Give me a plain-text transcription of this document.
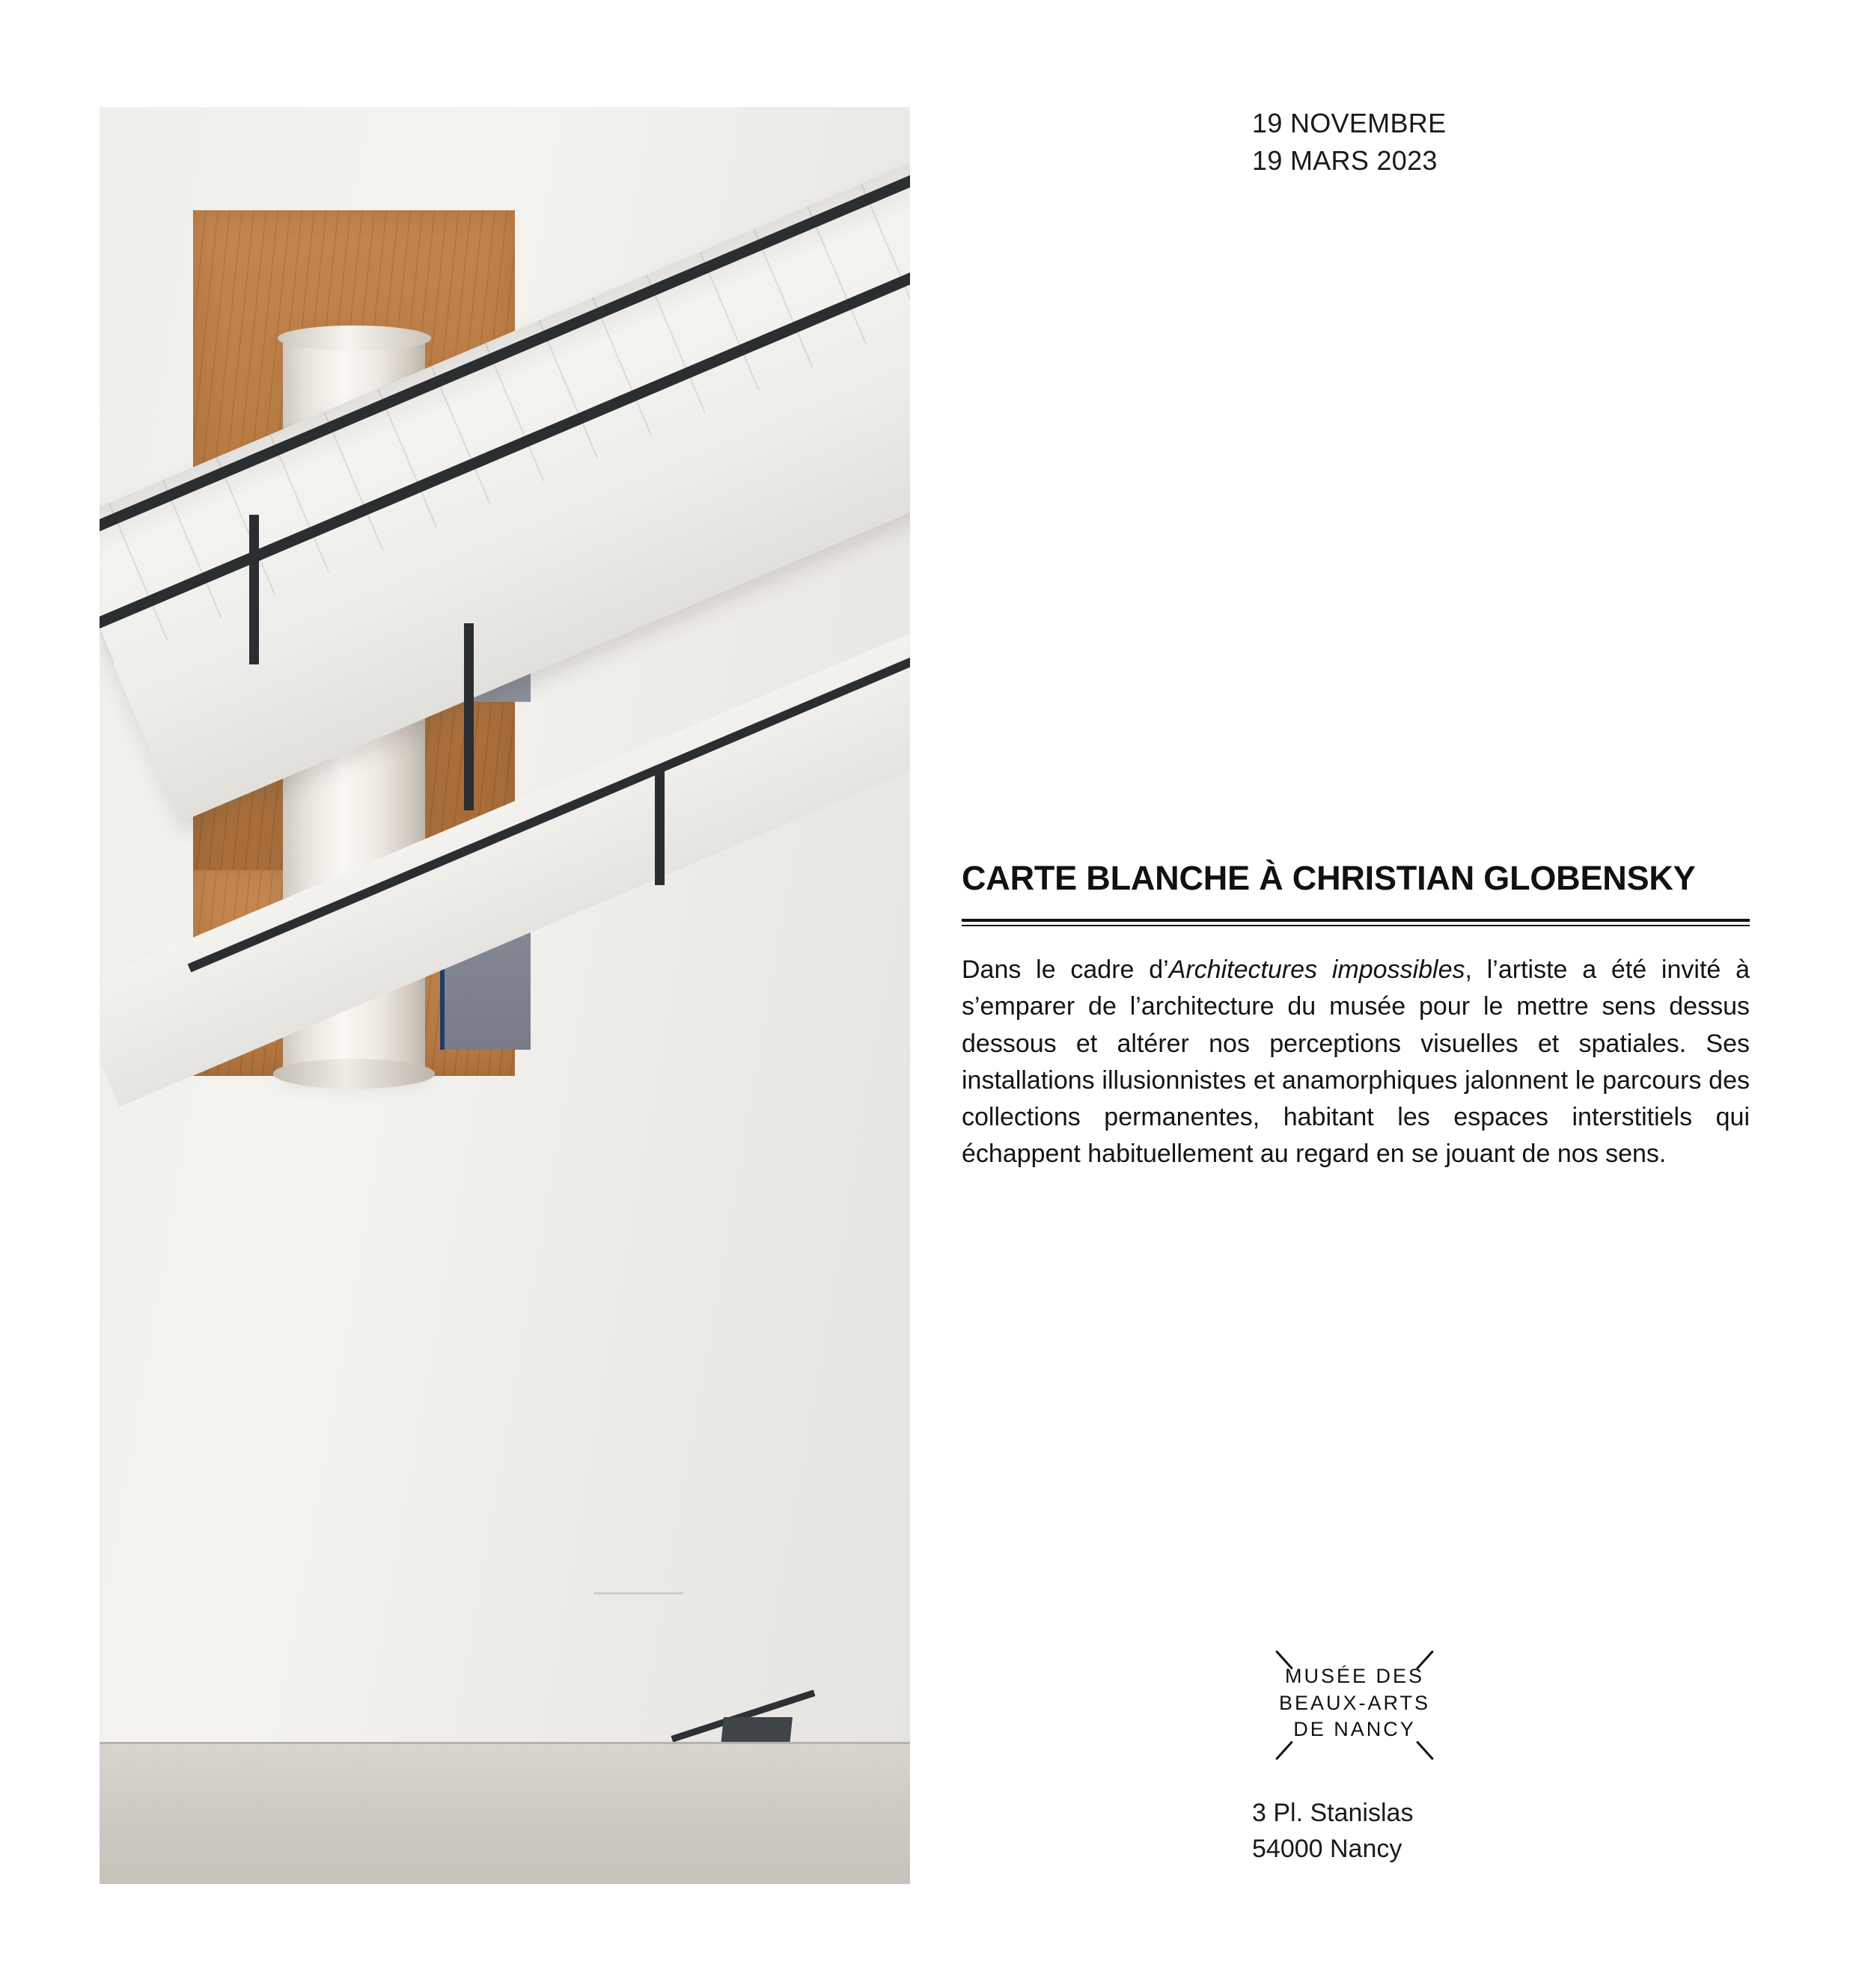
19 NOVEMBRE
19 MARS 2023
CARTE BLANCHE À CHRISTIAN GLOBENSKY
Dans le cadre d’Architectures impossibles, l’artiste a été invité à s’emparer de l’architecture du musée pour le mettre sens dessus dessous et altérer nos perceptions visuelles et spatiales. Ses installations illusionnistes et anamorphiques jalonnent le parcours des collections permanentes, habitant les espaces interstitiels qui échappent habituellement au regard en se jouant de nos sens.
MUSÉE DES
BEAUX-ARTS
DE NANCY
3 Pl. Stanislas
54000 Nancy
